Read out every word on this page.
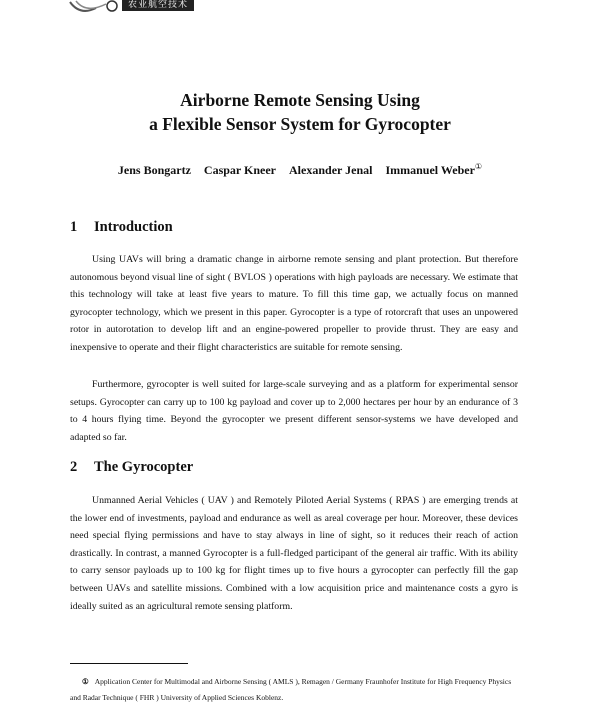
农业航空技术
Airborne Remote Sensing Using
a Flexible Sensor System for Gyrocopter
Jens Bongartz Caspar Kneer Alexander Jenal Immanuel Weber①
1 Introduction

Using UAVs will bring a dramatic change in airborne remote sensing and plant protection. But therefore autonomous beyond visual line of sight ( BVLOS ) operations with high payloads are necessary. We estimate that this technology will take at least five years to mature. To fill this time gap, we actually focus on manned gyrocopter technology, which we present in this paper. Gyrocopter is a type of rotorcraft that uses an unpowered rotor in autorotation to develop lift and an engine-powered propeller to provide thrust. They are easy and inexpensive to operate and their flight characteristics are suitable for remote sensing.

Furthermore, gyrocopter is well suited for large-scale surveying and as a platform for experimental sensor setups. Gyrocopter can carry up to 100 kg payload and cover up to 2,000 hectares per hour by an endurance of 3 to 4 hours flying time. Beyond the gyrocopter we present different sensor-systems we have developed and adapted so far.

2 The Gyrocopter

Unmanned Aerial Vehicles ( UAV ) and Remotely Piloted Aerial Systems ( RPAS ) are emerging trends at the lower end of investments, payload and endurance as well as areal coverage per hour. Moreover, these devices need special flying permissions and have to stay always in line of sight, so it reduces their reach of action drastically. In contrast, a manned Gyrocopter is a full-fledged participant of the general air traffic. With its ability to carry sensor payloads up to 100 kg for flight times up to five hours a gyrocopter can perfectly fill the gap between UAVs and satellite missions. Combined with a low acquisition price and maintenance costs a gyro is ideally suited as an agricultural remote sensing platform.

① Application Center for Multimodal and Airborne Sensing ( AMLS ), Remagen / Germany Fraunhofer Institute for High Frequency Physics and Radar Technique ( FHR ) University of Applied Sciences Koblenz.
